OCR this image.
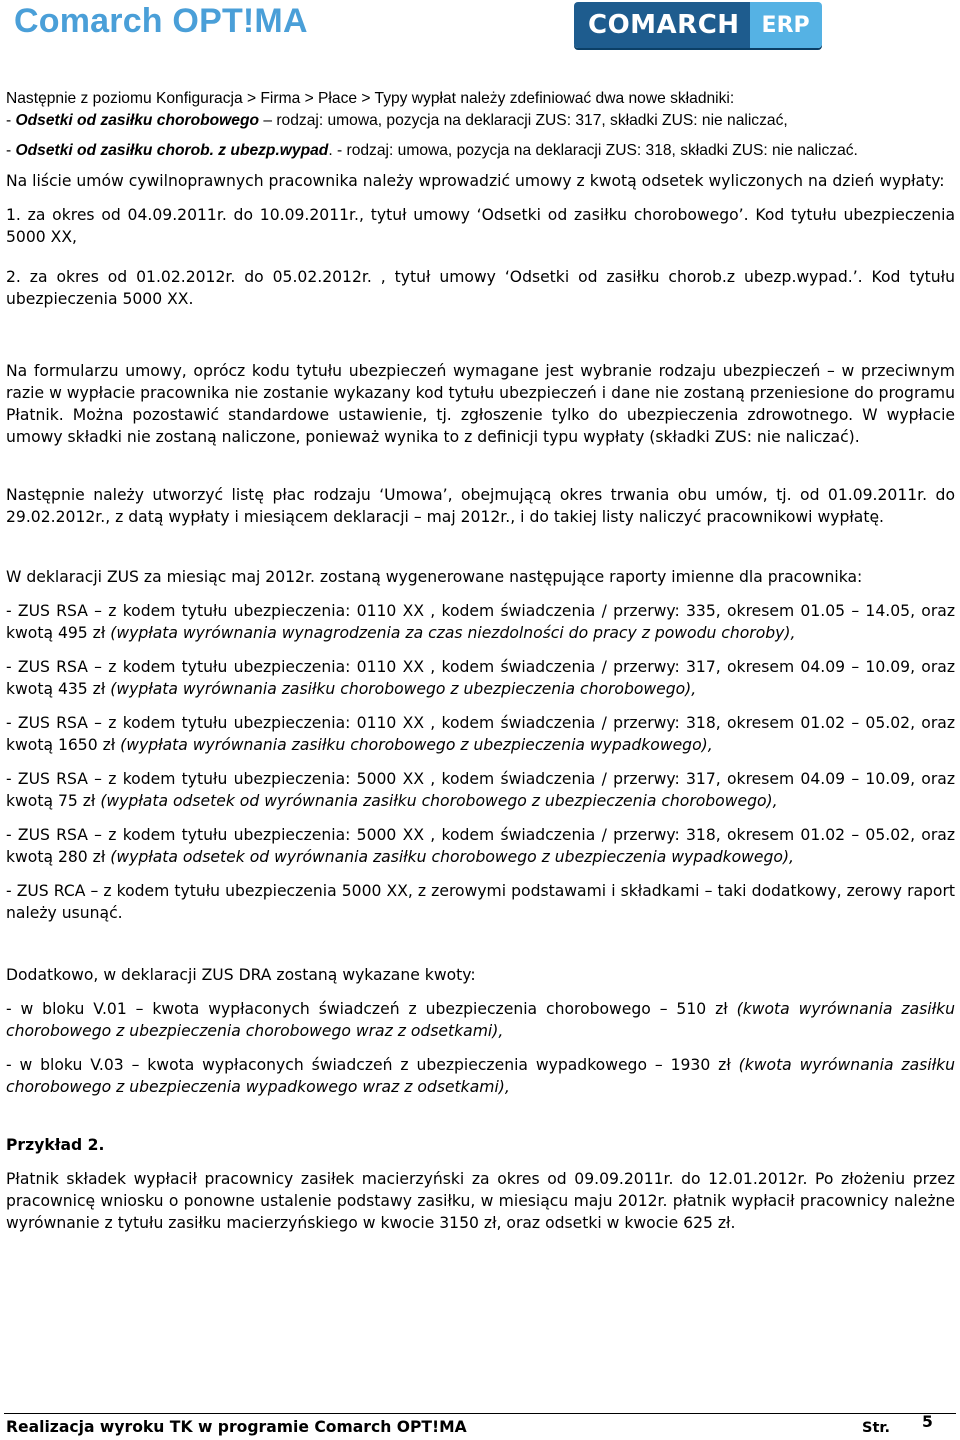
Comarch OPT!MA	COMARCH	ERP

Następnie z poziomu Konfiguracja > Firma > Płace > Typy wypłat należy zdefiniować dwa nowe składniki:

- Odsetki od zasiłku chorobowego – rodzaj: umowa, pozycja na deklaracji ZUS: 317, składki ZUS: nie naliczać,

- Odsetki od zasiłku chorob. z ubezp.wypad. - rodzaj: umowa, pozycja na deklaracji ZUS: 318, składki ZUS: nie naliczać.

Na liście umów cywilnoprawnych pracownika należy wprowadzić umowy z kwotą odsetek wyliczonych na dzień wypłaty:

1. za okres od 04.09.2011r. do 10.09.2011r., tytuł umowy ‘Odsetki od zasiłku chorobowego’. Kod tytułu ubezpieczenia 5000 XX,

2. za okres od 01.02.2012r. do 05.02.2012r. , tytuł umowy ‘Odsetki od zasiłku chorob.z ubezp.wypad.’. Kod tytułu ubezpieczenia 5000 XX.

Na formularzu umowy, oprócz kodu tytułu ubezpieczeń wymagane jest wybranie rodzaju ubezpieczeń – w przeciwnym razie w wypłacie pracownika nie zostanie wykazany kod tytułu ubezpieczeń i dane nie zostaną przeniesione do programu Płatnik. Można pozostawić standardowe ustawienie, tj. zgłoszenie tylko do ubezpieczenia zdrowotnego. W wypłacie umowy składki nie zostaną naliczone, ponieważ wynika to z definicji typu wypłaty (składki ZUS: nie naliczać).

Następnie należy utworzyć listę płac rodzaju ‘Umowa’, obejmującą okres trwania obu umów, tj. od 01.09.2011r. do 29.02.2012r., z datą wypłaty i miesiącem deklaracji – maj 2012r., i do takiej listy naliczyć pracownikowi wypłatę.

W deklaracji ZUS za miesiąc maj 2012r. zostaną wygenerowane następujące raporty imienne dla pracownika:

- ZUS RSA – z kodem tytułu ubezpieczenia: 0110 XX , kodem świadczenia / przerwy: 335, okresem 01.05 – 14.05, oraz kwotą 495 zł (wypłata wyrównania wynagrodzenia za czas niezdolności do pracy z powodu choroby),

- ZUS RSA – z kodem tytułu ubezpieczenia: 0110 XX , kodem świadczenia / przerwy: 317, okresem 04.09 – 10.09, oraz kwotą 435 zł (wypłata wyrównania zasiłku chorobowego z ubezpieczenia chorobowego),

- ZUS RSA – z kodem tytułu ubezpieczenia: 0110 XX , kodem świadczenia / przerwy: 318, okresem 01.02 – 05.02, oraz kwotą 1650 zł (wypłata wyrównania zasiłku chorobowego z ubezpieczenia wypadkowego),

- ZUS RSA – z kodem tytułu ubezpieczenia: 5000 XX , kodem świadczenia / przerwy: 317, okresem 04.09 – 10.09, oraz kwotą 75 zł (wypłata odsetek od wyrównania zasiłku chorobowego z ubezpieczenia chorobowego),

- ZUS RSA – z kodem tytułu ubezpieczenia: 5000 XX , kodem świadczenia / przerwy: 318, okresem 01.02 – 05.02, oraz kwotą 280 zł (wypłata odsetek od wyrównania zasiłku chorobowego z ubezpieczenia wypadkowego),

- ZUS RCA – z kodem tytułu ubezpieczenia 5000 XX, z zerowymi podstawami i składkami – taki dodatkowy, zerowy raport należy usunąć.

Dodatkowo, w deklaracji ZUS DRA zostaną wykazane kwoty:

- w bloku V.01 – kwota wypłaconych świadczeń z ubezpieczenia chorobowego – 510 zł (kwota wyrównania zasiłku chorobowego z ubezpieczenia chorobowego wraz z odsetkami),

- w bloku V.03 – kwota wypłaconych świadczeń z ubezpieczenia wypadkowego – 1930 zł (kwota wyrównania zasiłku chorobowego z ubezpieczenia wypadkowego wraz z odsetkami),

Przykład 2.

Płatnik składek wypłacił pracownicy zasiłek macierzyński za okres od 09.09.2011r. do 12.01.2012r. Po złożeniu przez pracownicę wniosku o ponowne ustalenie podstawy zasiłku, w miesiącu maju 2012r. płatnik wypłacił pracownicy należne wyrównanie z tytułu zasiłku macierzyńskiego w kwocie 3150 zł, oraz odsetki w kwocie 625 zł.

Realizacja wyroku TK w programie Comarch OPT!MA	Str. 5
